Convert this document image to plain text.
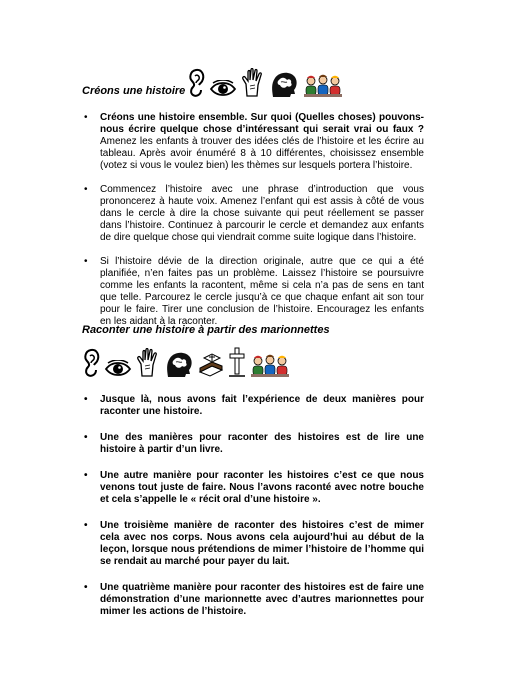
Créons une histoire
• Créons une histoire ensemble. Sur quoi (Quelles choses) pouvons-nous écrire quelque chose d’intéressant qui serait vrai ou faux ? Amenez les enfants à trouver des idées clés de l’histoire et les écrire au tableau. Après avoir énuméré 8 à 10 différentes, choisissez ensemble (votez si vous le voulez bien) les thèmes sur lesquels portera l’histoire.
• Commencez l’histoire avec une phrase d’introduction que vous prononcerez à haute voix. Amenez l’enfant qui est assis à côté de vous dans le cercle à dire la chose suivante qui peut réellement se passer dans l’histoire. Continuez à parcourir le cercle et demandez aux enfants de dire quelque chose qui viendrait comme suite logique dans l’histoire.
• Si l’histoire dévie de la direction originale, autre que ce qui a été planifiée, n’en faites pas un problème. Laissez l’histoire se poursuivre comme les enfants la racontent, même si cela n’a pas de sens en tant que telle. Parcourez le cercle jusqu’à ce que chaque enfant ait son tour pour le faire. Tirer une conclusion de l’histoire. Encouragez les enfants en les aidant à la raconter.
Raconter une histoire à partir des marionnettes
• Jusque là, nous avons fait l’expérience de deux manières pour raconter une histoire.
• Une des manières pour raconter des histoires est de lire une histoire à partir d’un livre.
• Une autre manière pour raconter les histoires c’est ce que nous venons tout juste de faire. Nous l’avons raconté avec notre bouche et cela s’appelle le « récit oral d’une histoire ».
• Une troisième manière de raconter des histoires c’est de mimer cela avec nos corps. Nous avons cela aujourd’hui au début de la leçon, lorsque nous prétendions de mimer l’histoire de l’homme qui se rendait au marché pour payer du lait.
• Une quatrième manière pour raconter des histoires est de faire une démonstration d’une marionnette avec d’autres marionnettes pour mimer les actions de l’histoire.
